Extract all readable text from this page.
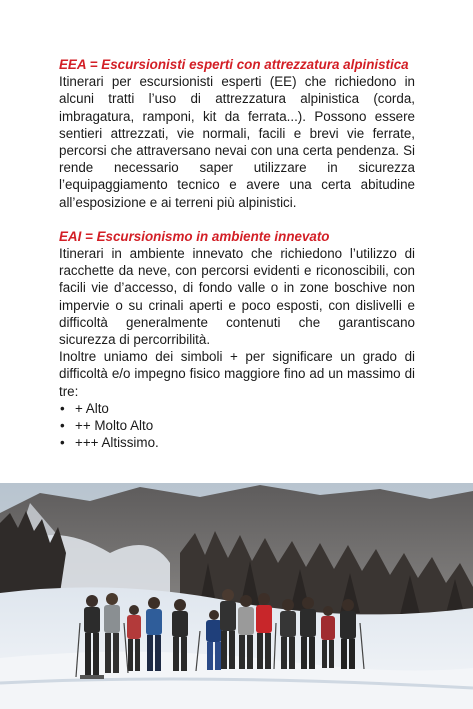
EEA = Escursionisti esperti con attrezzatura alpinistica

Itinerari per escursionisti esperti (EE) che richiedono in alcuni tratti l’uso di attrezzatura alpinistica (corda, imbragatura, ramponi, kit da ferrata...). Possono essere sentieri attrezzati, vie normali, facili e brevi vie ferrate, percorsi che attraversano nevai con una certa pendenza. Si rende necessario saper utilizzare in sicurezza l’equipaggiamento tecnico e avere una certa abitudine all’esposizione e ai terreni più alpinistici.

EAI = Escursionismo in ambiente innevato

Itinerari in ambiente innevato che richiedono l’utilizzo di racchette da neve, con percorsi evidenti e riconoscibili, con facili vie d’accesso, di fondo valle o in zone boschive non impervie o su crinali aperti e poco esposti, con dislivelli e difficoltà generalmente contenuti che garantiscano sicurezza di percorribilità.

Inoltre uniamo dei simboli + per significare un grado di difficoltà e/o impegno fisico maggiore fino ad un massimo di tre:

• + Alto
• ++ Molto Alto
• +++ Altissimo.
